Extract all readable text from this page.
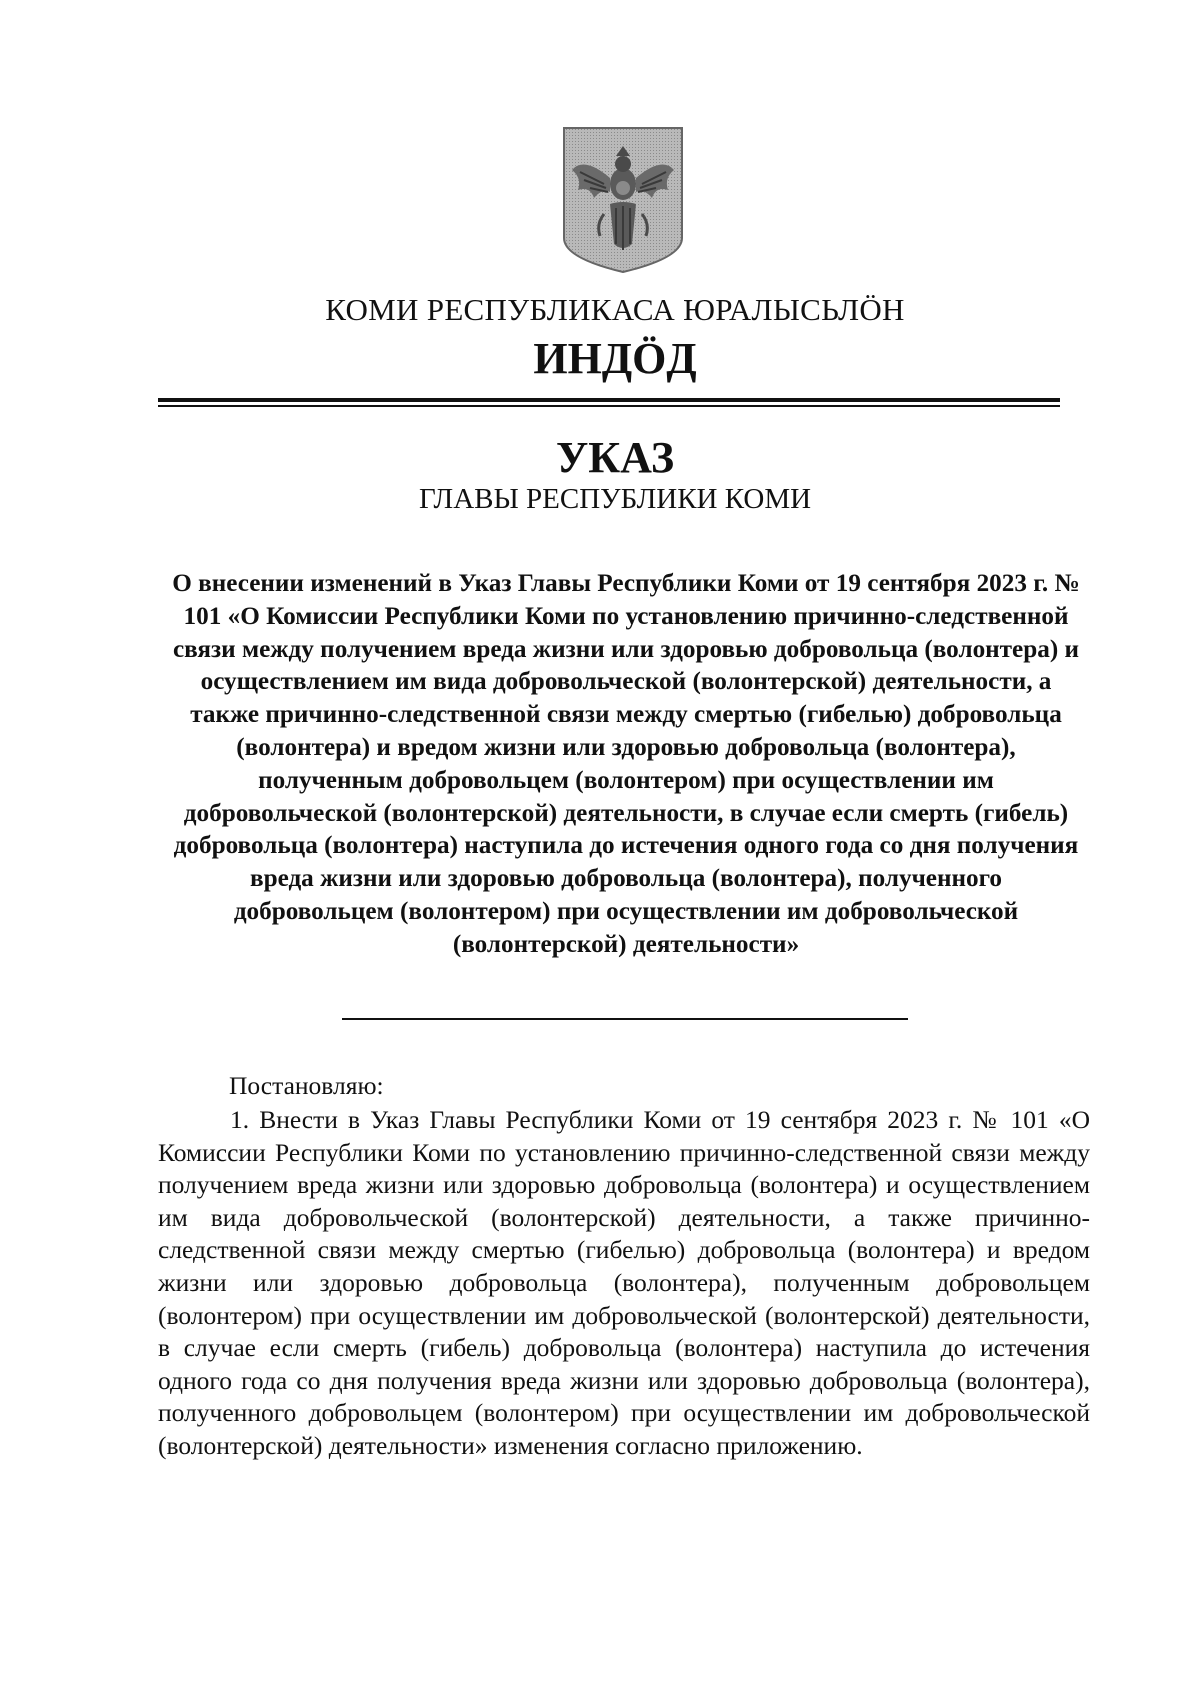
КОМИ РЕСПУБЛИКАСА ЮРАЛЫСЬЛÖН
ИНДÖД
УКАЗ
ГЛАВЫ РЕСПУБЛИКИ КОМИ
О внесении изменений в Указ Главы Республики Коми от 19 сентября 2023 г. № 101 «О Комиссии Республики Коми по установлению причинно-следственной связи между получением вреда жизни или здоровью добровольца (волонтера) и осуществлением им вида добровольческой (волонтерской) деятельности, а также причинно-следственной связи между смертью (гибелью) добровольца (волонтера) и вредом жизни или здоровью добровольца (волонтера), полученным добровольцем (волонтером) при осуществлении им добровольческой (волонтерской) деятельности, в случае если смерть (гибель) добровольца (волонтера) наступила до истечения одного года со дня получения вреда жизни или здоровью добровольца (волонтера), полученного добровольцем (волонтером) при осуществлении им добровольческой (волонтерской) деятельности»
Постановляю:
1. Внести в Указ Главы Республики Коми от 19 сентября 2023 г. № 101 «О Комиссии Республики Коми по установлению причинно-следственной связи между получением вреда жизни или здоровью добровольца (волонтера) и осуществлением им вида добровольческой (волонтерской) деятельности, а также причинно-следственной связи между смертью (гибелью) добровольца (волонтера) и вредом жизни или здоровью добровольца (волонтера), полученным добровольцем (волонтером) при осуществлении им добровольческой (волонтерской) деятельности, в случае если смерть (гибель) добровольца (волонтера) наступила до истечения одного года со дня получения вреда жизни или здоровью добровольца (волонтера), полученного добровольцем (волонтером) при осуществлении им добровольческой (волонтерской) деятельности» изменения согласно приложению.
